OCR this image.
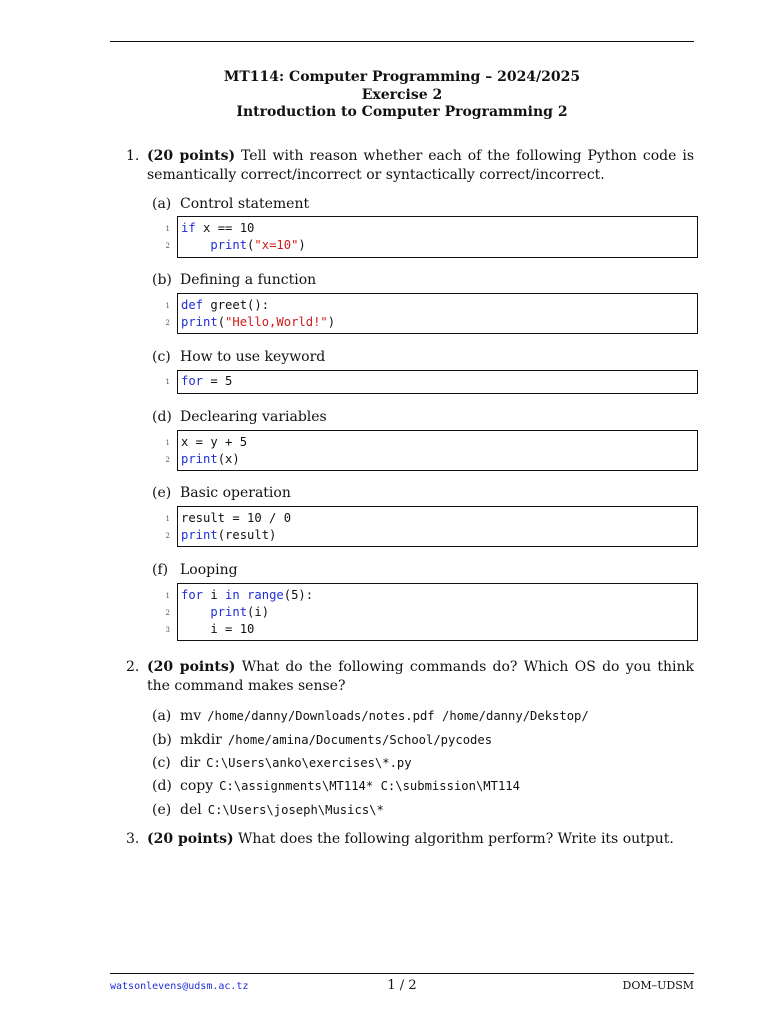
MT114: Computer Programming – 2024/2025
Exercise 2
Introduction to Computer Programming 2
1. (20 points) Tell with reason whether each of the following Python code is semantically correct/incorrect or syntactically correct/incorrect.
(a) Control statement
1 if x == 10
2	print("x=10")
(b) Defining a function
1 def greet():
2 print("Hello,World!")
(c) How to use keyword
1 for = 5
(d) Declearing variables
1 x = y + 5
2 print(x)
(e) Basic operation
1 result = 10 / 0
2 print(result)
(f) Looping
1 for i in range(5):
2	print(i)
3	i = 10
2. (20 points) What do the following commands do? Which OS do you think the command makes sense?
(a) mv /home/danny/Downloads/notes.pdf /home/danny/Dekstop/
(b) mkdir /home/amina/Documents/School/pycodes
(c) dir C:\Users\anko\exercises\*.py
(d) copy C:\assignments\MT114* C:\submission\MT114
(e) del C:\Users\joseph\Musics\*
3. (20 points) What does the following algorithm perform? Write its output.
watsonlevens@udsm.ac.tz	1 / 2	DOM–UDSM
